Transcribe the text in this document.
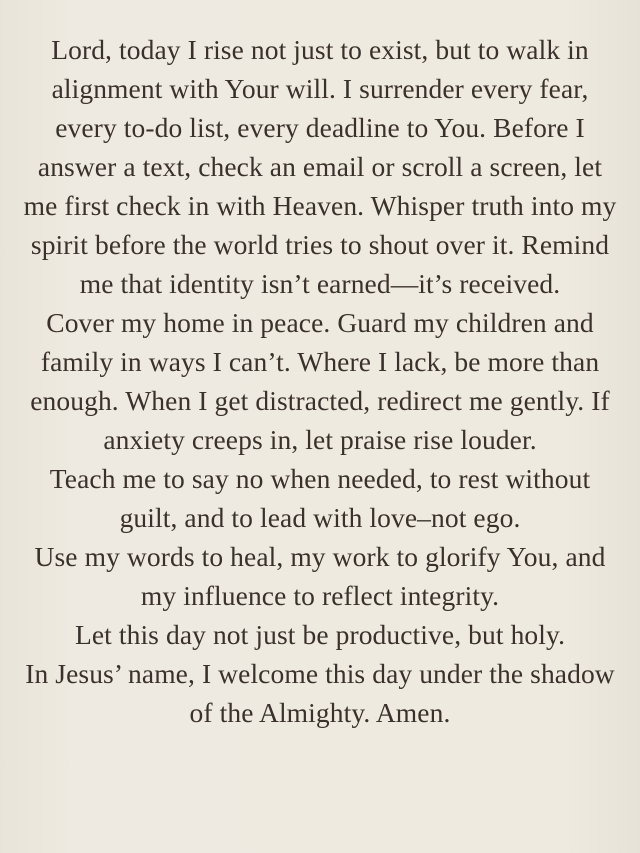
Lord, today I rise not just to exist, but to walk in alignment with Your will. I surrender every fear, every to-do list, every deadline to You. Before I answer a text, check an email or scroll a screen, let me first check in with Heaven. Whisper truth into my spirit before the world tries to shout over it. Remind me that identity isn’t earned—it’s received.

Cover my home in peace. Guard my children and family in ways I can’t. Where I lack, be more than enough. When I get distracted, redirect me gently. If anxiety creeps in, let praise rise louder.

Teach me to say no when needed, to rest without guilt, and to lead with love–not ego.

Use my words to heal, my work to glorify You, and my influence to reflect integrity.

Let this day not just be productive, but holy.

In Jesus’ name, I welcome this day under the shadow of the Almighty. Amen.
